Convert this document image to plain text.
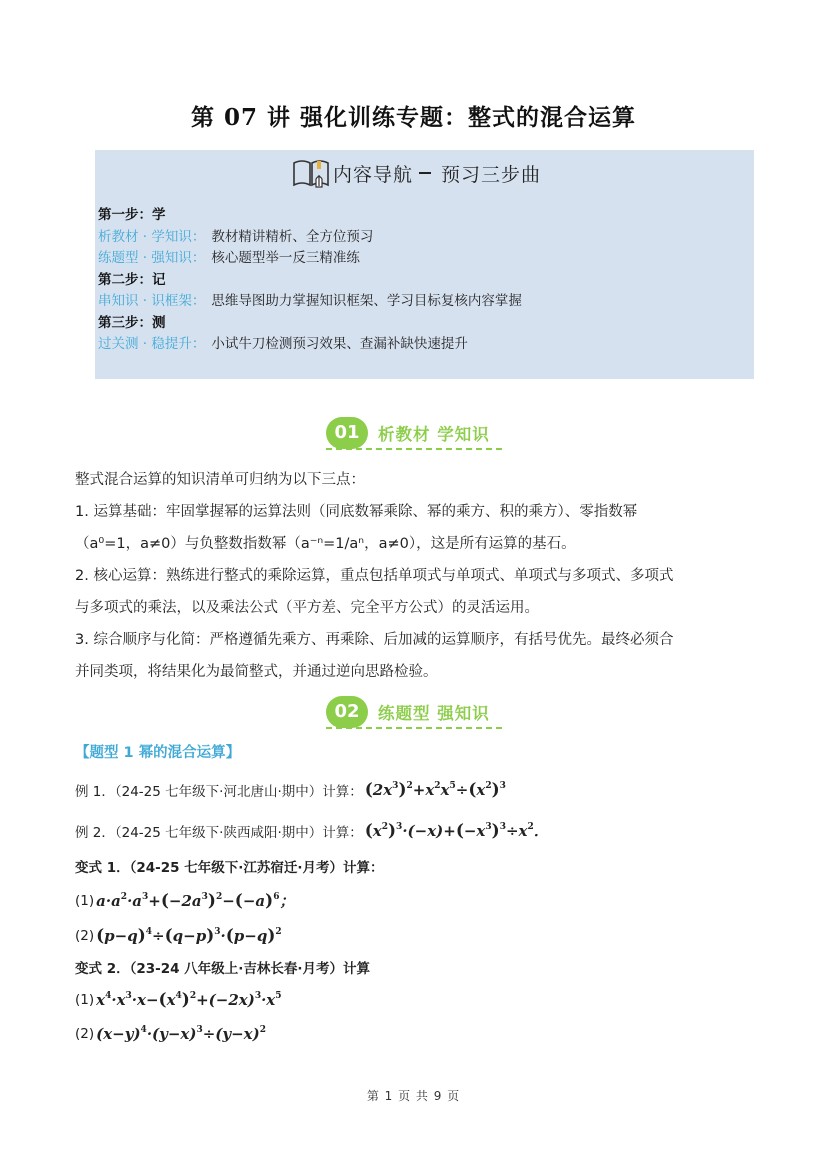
第 07 讲 强化训练专题：整式的混合运算
内容导航 预习三步曲
第一步：学
析教材 · 学知识： 教材精讲精析、全方位预习
练题型 · 强知识： 核心题型举一反三精准练
第二步：记
串知识 · 识框架： 思维导图助力掌握知识框架、学习目标复核内容掌握
第三步：测
过关测 · 稳提升： 小试牛刀检测预习效果、查漏补缺快速提升
01	析教材 学知识

整式混合运算的知识清单可归纳为以下三点：

1. 运算基础：牢固掌握幂的运算法则（同底数幂乘除、幂的乘方、积的乘方）、零指数幂

（a⁰=1，a≠0）与负整数指数幂（a⁻ⁿ=1/aⁿ，a≠0），这是所有运算的基石。

2. 核心运算：熟练进行整式的乘除运算，重点包括单项式与单项式、单项式与多项式、多项式

与多项式的乘法，以及乘法公式（平方差、完全平方公式）的灵活运用。

3. 综合顺序与化简：严格遵循先乘方、再乘除、后加减的运算顺序，有括号优先。最终必须合

并同类项，将结果化为最简整式，并通过逆向思路检验。

02	练题型 强知识
【题型 1 幂的混合运算】
例 1．（24-25 七年级下·河北唐山·期中）计算： $(2x^3)^2+x^2x^5\div(x^2)^3$
例 2．（24-25 七年级下·陕西咸阳·期中）计算： $(x^2)^3\cdot(-x)+(-x^3)^3\div x^2$．
变式 1．（24-25 七年级下·江苏宿迁·月考）计算：
(1) $a\cdot a^2\cdot a^3+(-2a^3)^2-(-a)^6$；
(2) $(p-q)^4\div(q-p)^3\cdot(p-q)^2$
变式 2．（23-24 八年级上·吉林长春·月考）计算
(1) $x^4\cdot x^3\cdot x-(x^4)^2+(-2x)^3\cdot x^5$
(2) $(x-y)^4\cdot(y-x)^3\div(y-x)^2$
第 1 页 共 9 页
